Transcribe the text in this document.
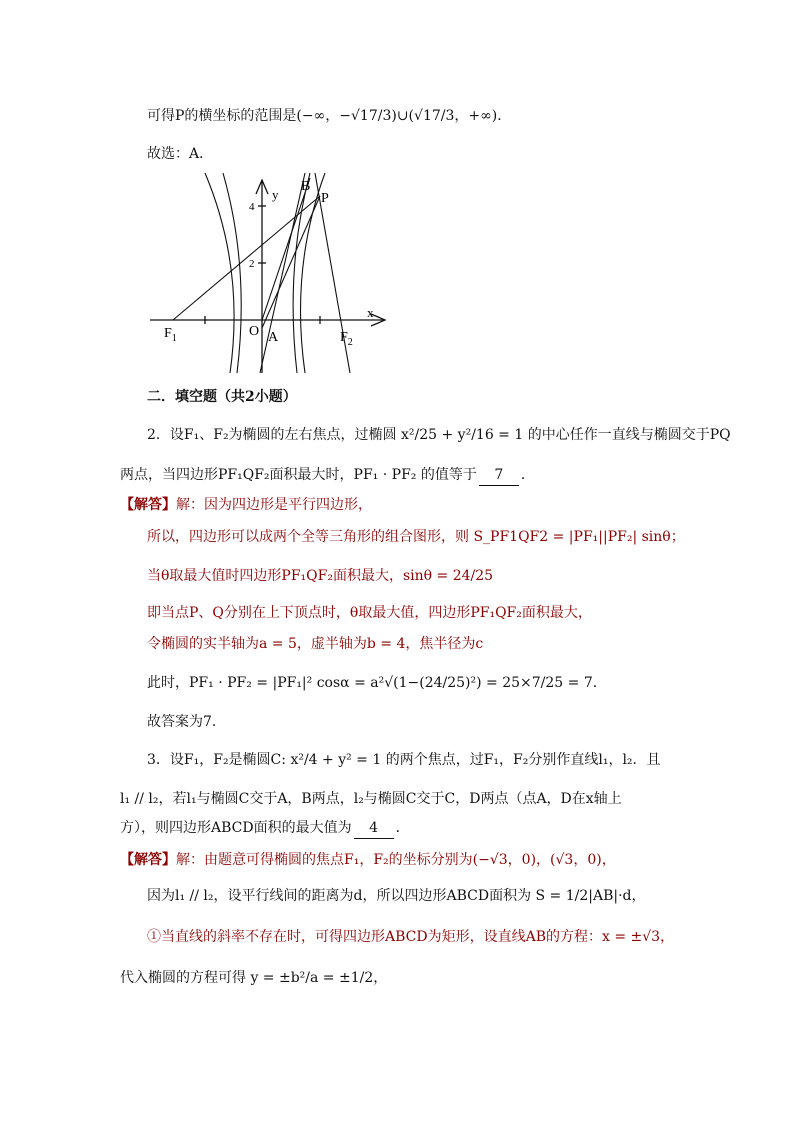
可得P的横坐标的范围是(−∞，−√17/3)∪(√17/3，+∞)．
故选：A．
y
x
4
2
O A
B
P
$F_1$	$F_2$
二．填空题（共2小题）
2．设F₁、F₂为椭圆的左右焦点，过椭圆 x²/25 + y²/16 = 1 的中心任作一直线与椭圆交于PQ
两点，当四边形PF₁QF₂面积最大时，PF₁ · PF₂ 的值等于 7 ．
【解答】解：因为四边形是平行四边形，
所以，四边形可以成两个全等三角形的组合图形，则 S_PF1QF2 = |PF₁||PF₂| sinθ；
当θ取最大值时四边形PF₁QF₂面积最大，sinθ = 24/25
即当点P、Q分别在上下顶点时，θ取最大值，四边形PF₁QF₂面积最大，
令椭圆的实半轴为a = 5，虚半轴为b = 4，焦半径为c
此时，PF₁ · PF₂ = |PF₁|² cosα = a²√(1−(24/25)²) = 25×7/25 = 7．
故答案为7．
3．设F₁，F₂是椭圆C: x²/4 + y² = 1 的两个焦点，过F₁，F₂分别作直线l₁，l₂．且
l₁ // l₂，若l₁与椭圆C交于A，B两点，l₂与椭圆C交于C，D两点（点A，D在x轴上
方），则四边形ABCD面积的最大值为 4 ．
【解答】解：由题意可得椭圆的焦点F₁，F₂的坐标分别为(−√3，0)，(√3，0)，
因为l₁ // l₂，设平行线间的距离为d，所以四边形ABCD面积为 S = 1/2|AB|·d，
①当直线的斜率不存在时，可得四边形ABCD为矩形，设直线AB的方程：x = ±√3，
代入椭圆的方程可得 y = ±b²/a = ±1/2，
